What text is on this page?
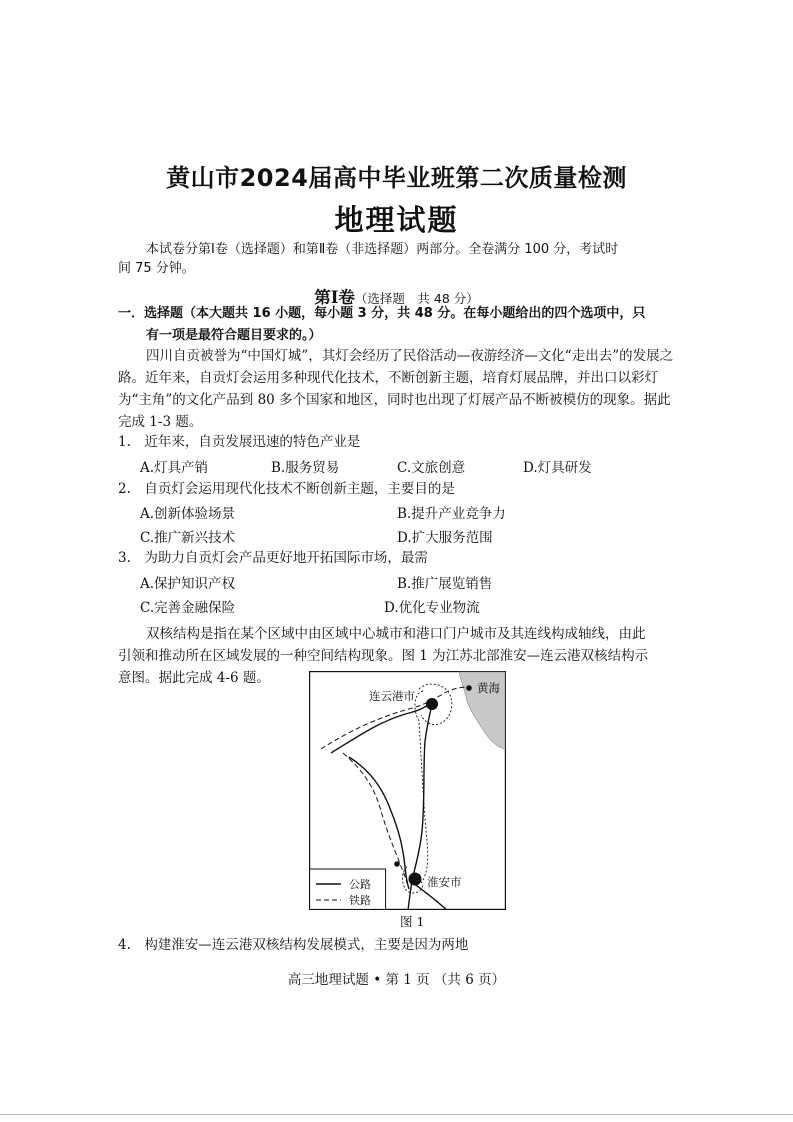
黄山市2024届高中毕业班第二次质量检测
地理试题
本试卷分第Ⅰ卷（选择题）和第Ⅱ卷（非选择题）两部分。全卷满分 100 分，考试时
间 75 分钟。
第Ⅰ卷（选择题　共 48 分）
一．选择题（本大题共 16 小题，每小题 3 分，共 48 分。在每小题给出的四个选项中，只
有一项是最符合题目要求的。）
四川自贡被誉为“中国灯城”，其灯会经历了民俗活动—夜游经济—文化“走出去”的发展之
路。近年来，自贡灯会运用多种现代化技术，不断创新主题，培育灯展品牌，并出口以彩灯
为“主角”的文化产品到 80 多个国家和地区，同时也出现了灯展产品不断被模仿的现象。据此
完成 1-3 题。
1.　近年来，自贡发展迅速的特色产业是
A.灯具产销	B.服务贸易	C.文旅创意	D.灯具研发
2.　自贡灯会运用现代化技术不断创新主题，主要目的是
A.创新体验场景	B.提升产业竞争力
C.推广新兴技术	D.扩大服务范围
3.　为助力自贡灯会产品更好地开拓国际市场，最需
A.保护知识产权	B.推广展览销售
C.完善金融保险	D.优化专业物流
双核结构是指在某个区域中由区域中心城市和港口门户城市及其连线构成轴线，由此
引领和推动所在区域发展的一种空间结构现象。图 1 为江苏北部淮安—连云港双核结构示
意图。据此完成 4-6 题。
连云港市
黄海
淮安市
公路
铁路
图 1
4.　构建淮安—连云港双核结构发展模式，主要是因为两地
高三地理试题 • 第 1 页 （共 6 页）
